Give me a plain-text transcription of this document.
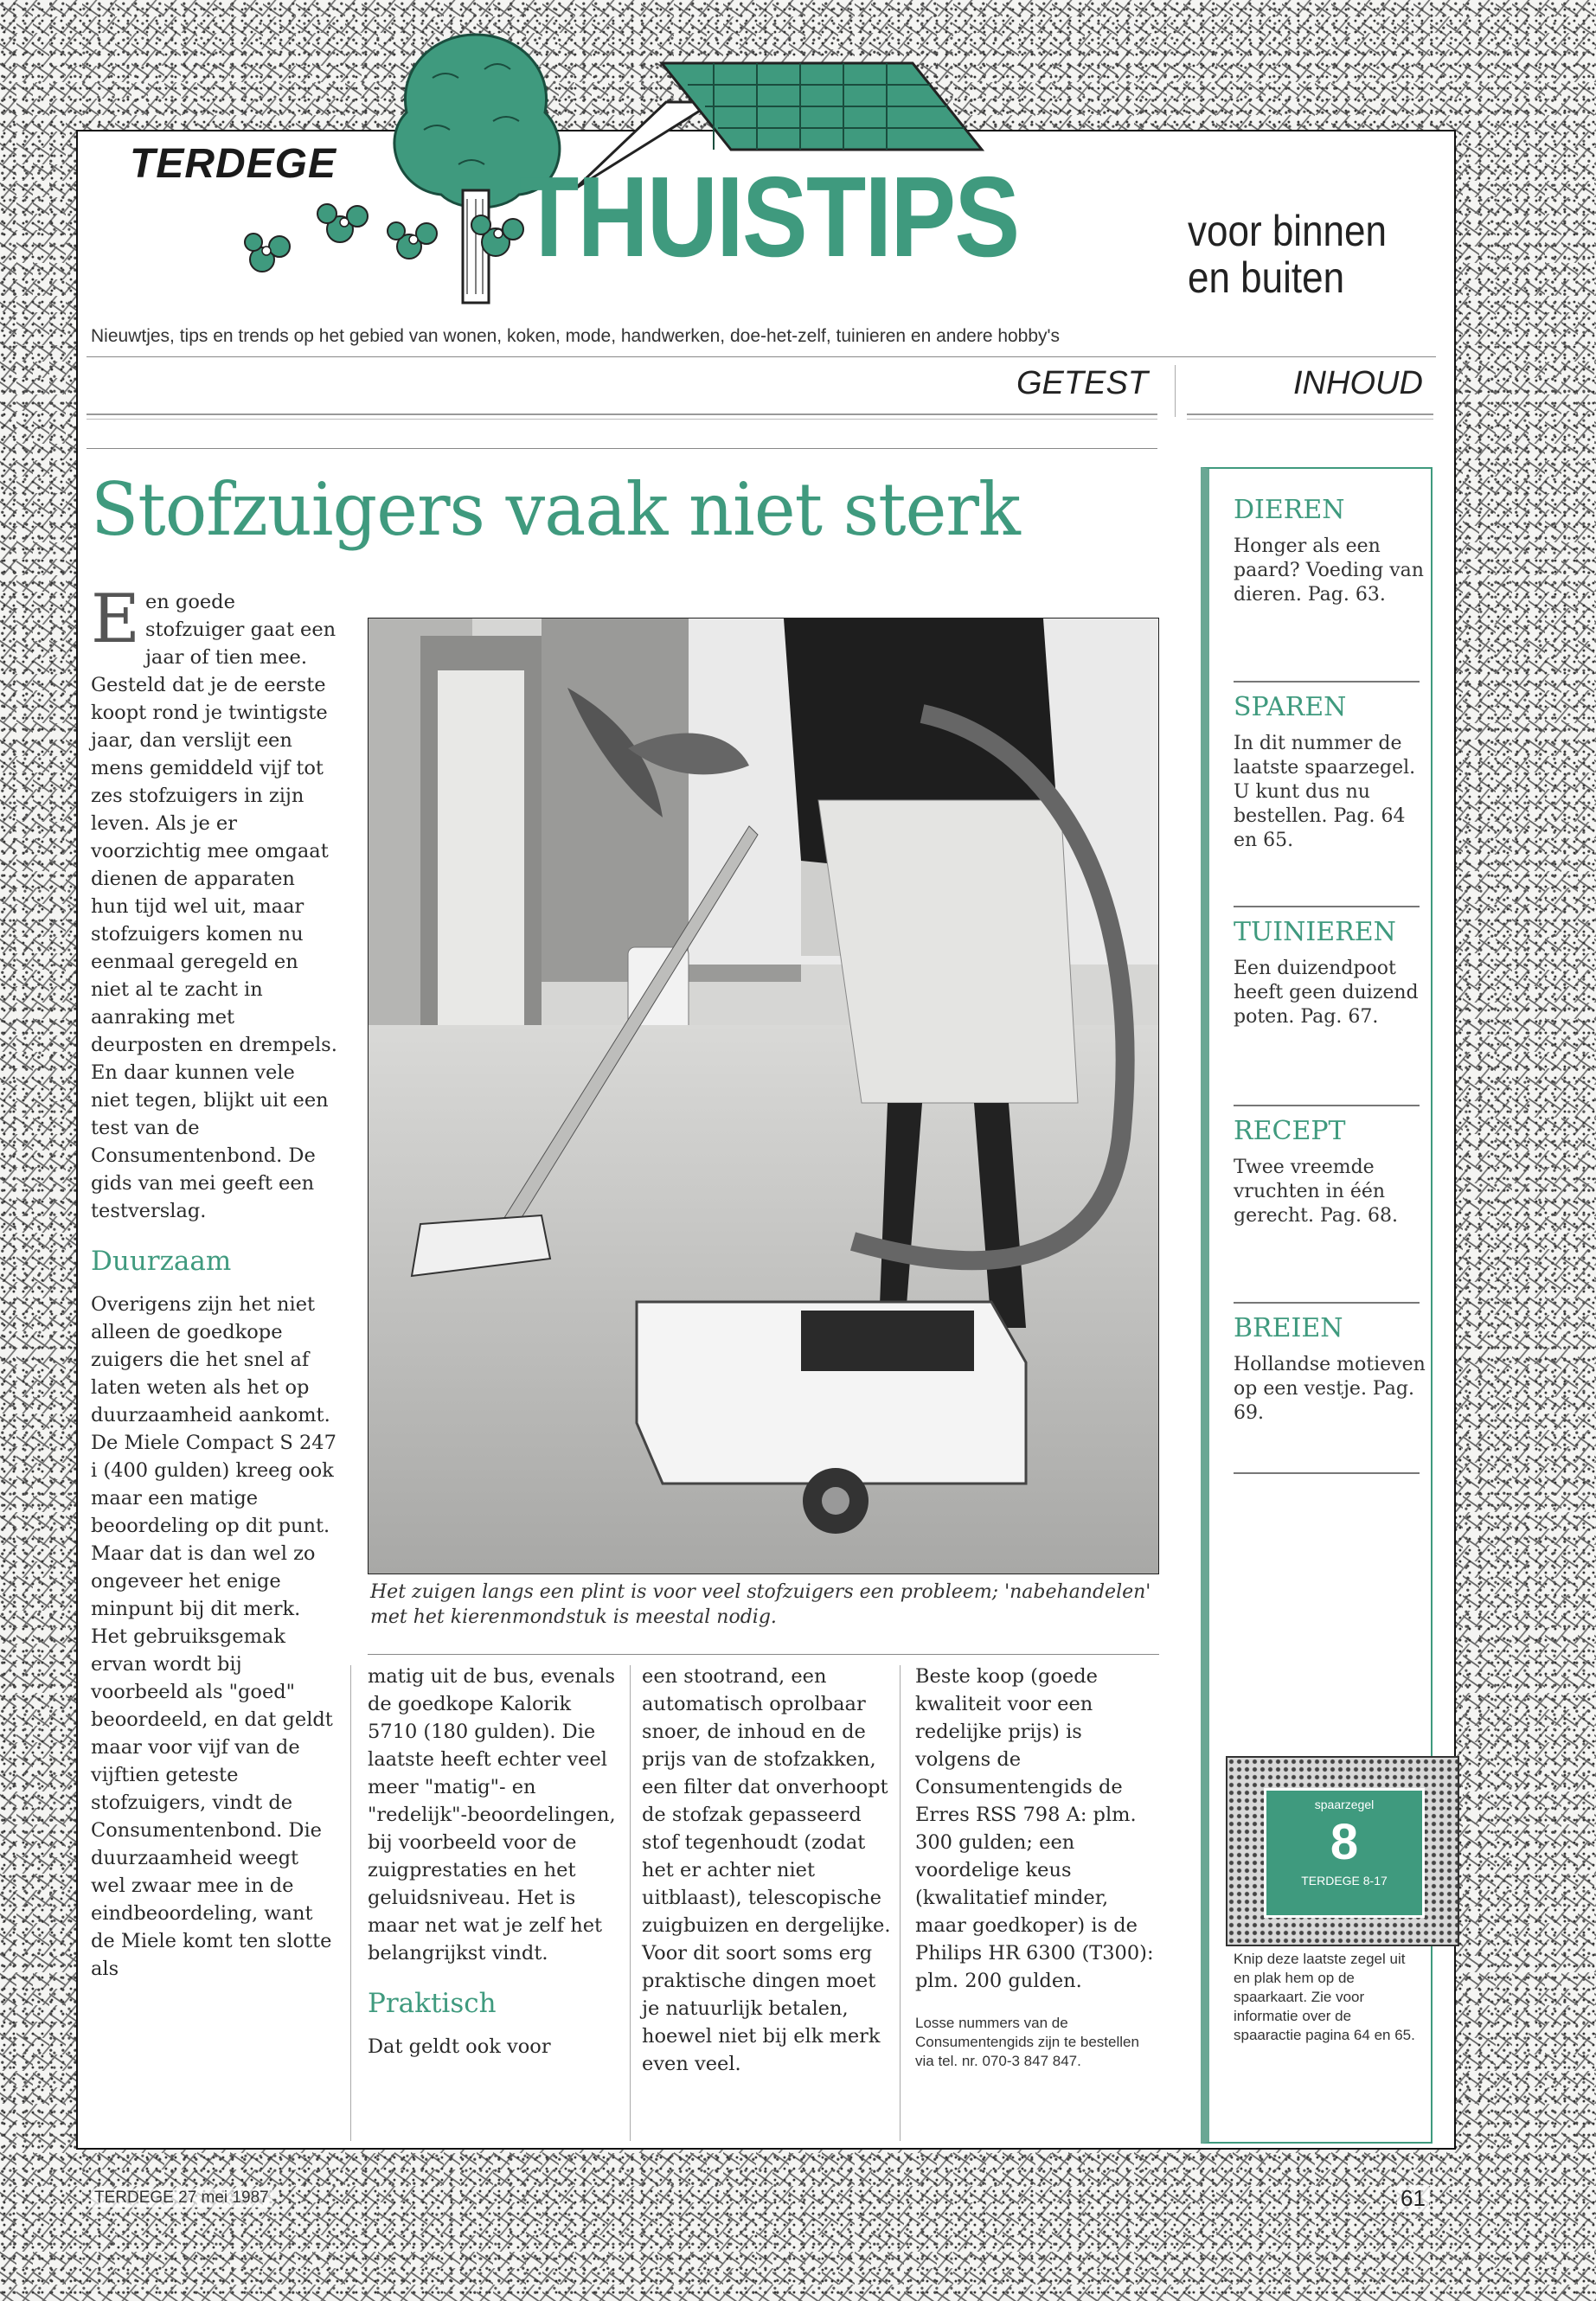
TERDEGE THUISTIPS	voor binnen
en buiten
Nieuwtjes, tips en trends op het gebied van wonen, koken, mode, handwerken, doe-het-zelf, tuinieren en andere hobby's
GETEST	INHOUD
Stofzuigers vaak niet sterk

Een goede stofzuiger gaat een jaar of tien mee. Gesteld dat je de eerste koopt rond je twintigste jaar, dan verslijt een mens gemiddeld vijf tot zes stofzuigers in zijn leven. Als je er voorzichtig mee omgaat dienen de apparaten hun tijd wel uit, maar stofzuigers komen nu eenmaal geregeld en niet al te zacht in aanraking met deurposten en drempels. En daar kunnen vele niet tegen, blijkt uit een test van de Consumentenbond. De gids van mei geeft een testverslag.

Duurzaam

Overigens zijn het niet alleen de goedkope zuigers die het snel af laten weten als het op duurzaamheid aankomt. De Miele Compact S 247 i (400 gulden) kreeg ook maar een matige beoordeling op dit punt. Maar dat is dan wel zo ongeveer het enige minpunt bij dit merk. Het gebruiksgemak ervan wordt bij voorbeeld als "goed" beoordeeld, en dat geldt maar voor vijf van de vijftien geteste stofzuigers, vindt de Consumentenbond. Die duurzaamheid weegt wel zwaar mee in de eindbeoordeling, want de Miele komt ten slotte als

Het zuigen langs een plint is voor veel stofzuigers een probleem; 'nabehandelen' met het kierenmondstuk is meestal nodig.

matig uit de bus, evenals de goedkope Kalorik 5710 (180 gulden). Die laatste heeft echter veel meer "matig"- en "redelijk"-beoordelingen, bij voorbeeld voor de zuigprestaties en het geluidsniveau. Het is maar net wat je zelf het belangrijkst vindt.

Praktisch

Dat geldt ook voor

een stootrand, een automatisch oprolbaar snoer, de inhoud en de prijs van de stofzakken, een filter dat onverhoopt de stofzak gepasseerd stof tegenhoudt (zodat het er achter niet uitblaast), telescopische zuigbuizen en dergelijke. Voor dit soort soms erg praktische dingen moet je natuurlijk betalen, hoewel niet bij elk merk even veel.

Beste koop (goede kwaliteit voor een redelijke prijs) is volgens de Consumentengids de Erres RSS 798 A: plm. 300 gulden; een voordelige keus (kwalitatief minder, maar goedkoper) is de Philips HR 6300 (T300): plm. 200 gulden.

Losse nummers van de Consumentengids zijn te bestellen via tel. nr. 070-3 847 847.

DIEREN
Honger als een paard? Voeding van dieren. Pag. 63.
SPAREN
In dit nummer de laatste spaarzegel. U kunt dus nu bestellen. Pag. 64 en 65.
TUINIEREN
Een duizendpoot heeft geen duizend poten. Pag. 67.
RECEPT
Twee vreemde vruchten in één gerecht. Pag. 68.
BREIEN
Hollandse motieven op een vestje. Pag. 69.
Knip deze laatste zegel uit en plak hem op de spaarkaart. Zie voor informatie over de spaaractie pagina 64 en 65.
spaarzegel
8
TERDEGE 8-17
TERDEGE 27 mei 1987	61
